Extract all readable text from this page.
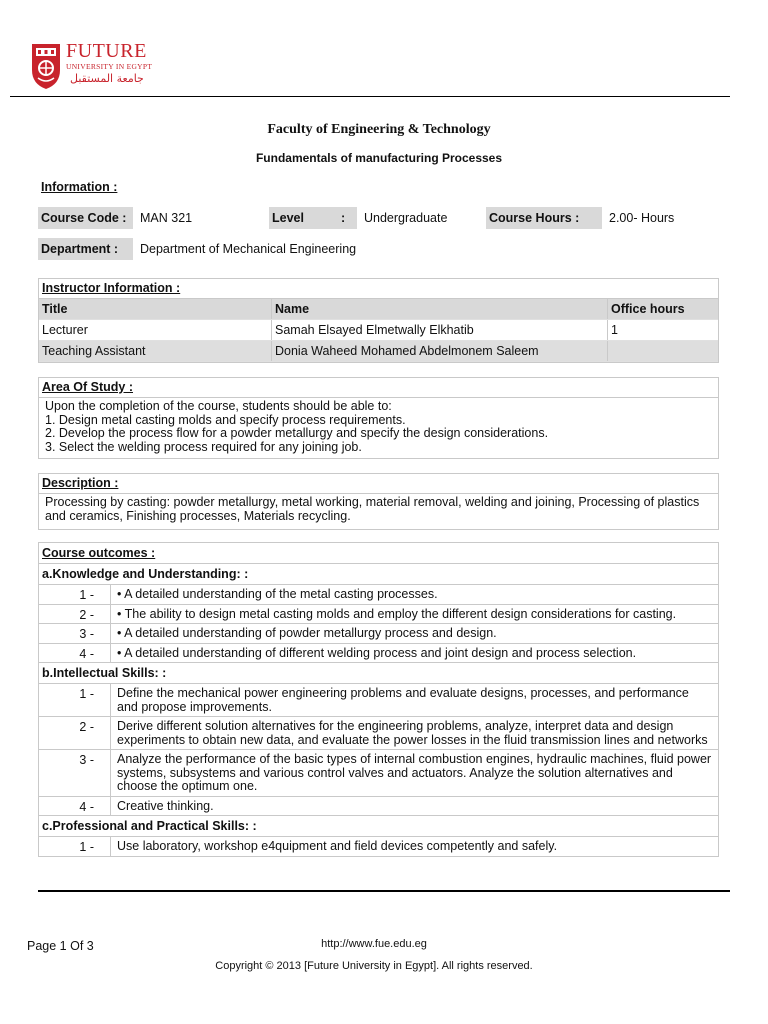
FUTURE
UNIVERSITY IN EGYPT
جامعة المستقبل
Faculty of Engineering & Technology
Fundamentals of manufacturing Processes
Information :
Course Code :	MAN 321	Level	: Undergraduate	Course Hours :	2.00- Hours
Department :	Department of Mechanical Engineering
Instructor Information :
Title	Name	Office hours
Lecturer	Samah Elsayed Elmetwally Elkhatib	1
Teaching Assistant	Donia Waheed Mohamed Abdelmonem Saleem	
Area Of Study :
Upon the completion of the course, students should be able to:
1. Design metal casting molds and specify process requirements.
2. Develop the process flow for a powder metallurgy and specify the design considerations.
3. Select the welding process required for any joining job.
Description :
Processing by casting: powder metallurgy, metal working, material removal, welding and joining, Processing of plastics and ceramics, Finishing processes, Materials recycling.
Course outcomes :
a.Knowledge and Understanding: :
1 -	• A detailed understanding of the metal casting processes.
2 -	• The ability to design metal casting molds and employ the different design considerations for casting.
3 -	• A detailed understanding of powder metallurgy process and design.
4 -	• A detailed understanding of different welding process and joint design and process selection.
b.Intellectual Skills: :
1 -	Define the mechanical power engineering problems and evaluate designs, processes, and performance and propose improvements.
2 -	Derive different solution alternatives for the engineering problems, analyze, interpret data and design experiments to obtain new data, and evaluate the power losses in the fluid transmission lines and networks
3 -	Analyze the performance of the basic types of internal combustion engines, hydraulic machines, fluid power systems, subsystems and various control valves and actuators. Analyze the solution alternatives and choose the optimum one.
4 -	Creative thinking.
c.Professional and Practical Skills: :
1 -	Use laboratory, workshop e4quipment and field devices competently and safely.
Page 1 Of 3	http://www.fue.edu.eg
Copyright © 2013 [Future University in Egypt]. All rights reserved.
